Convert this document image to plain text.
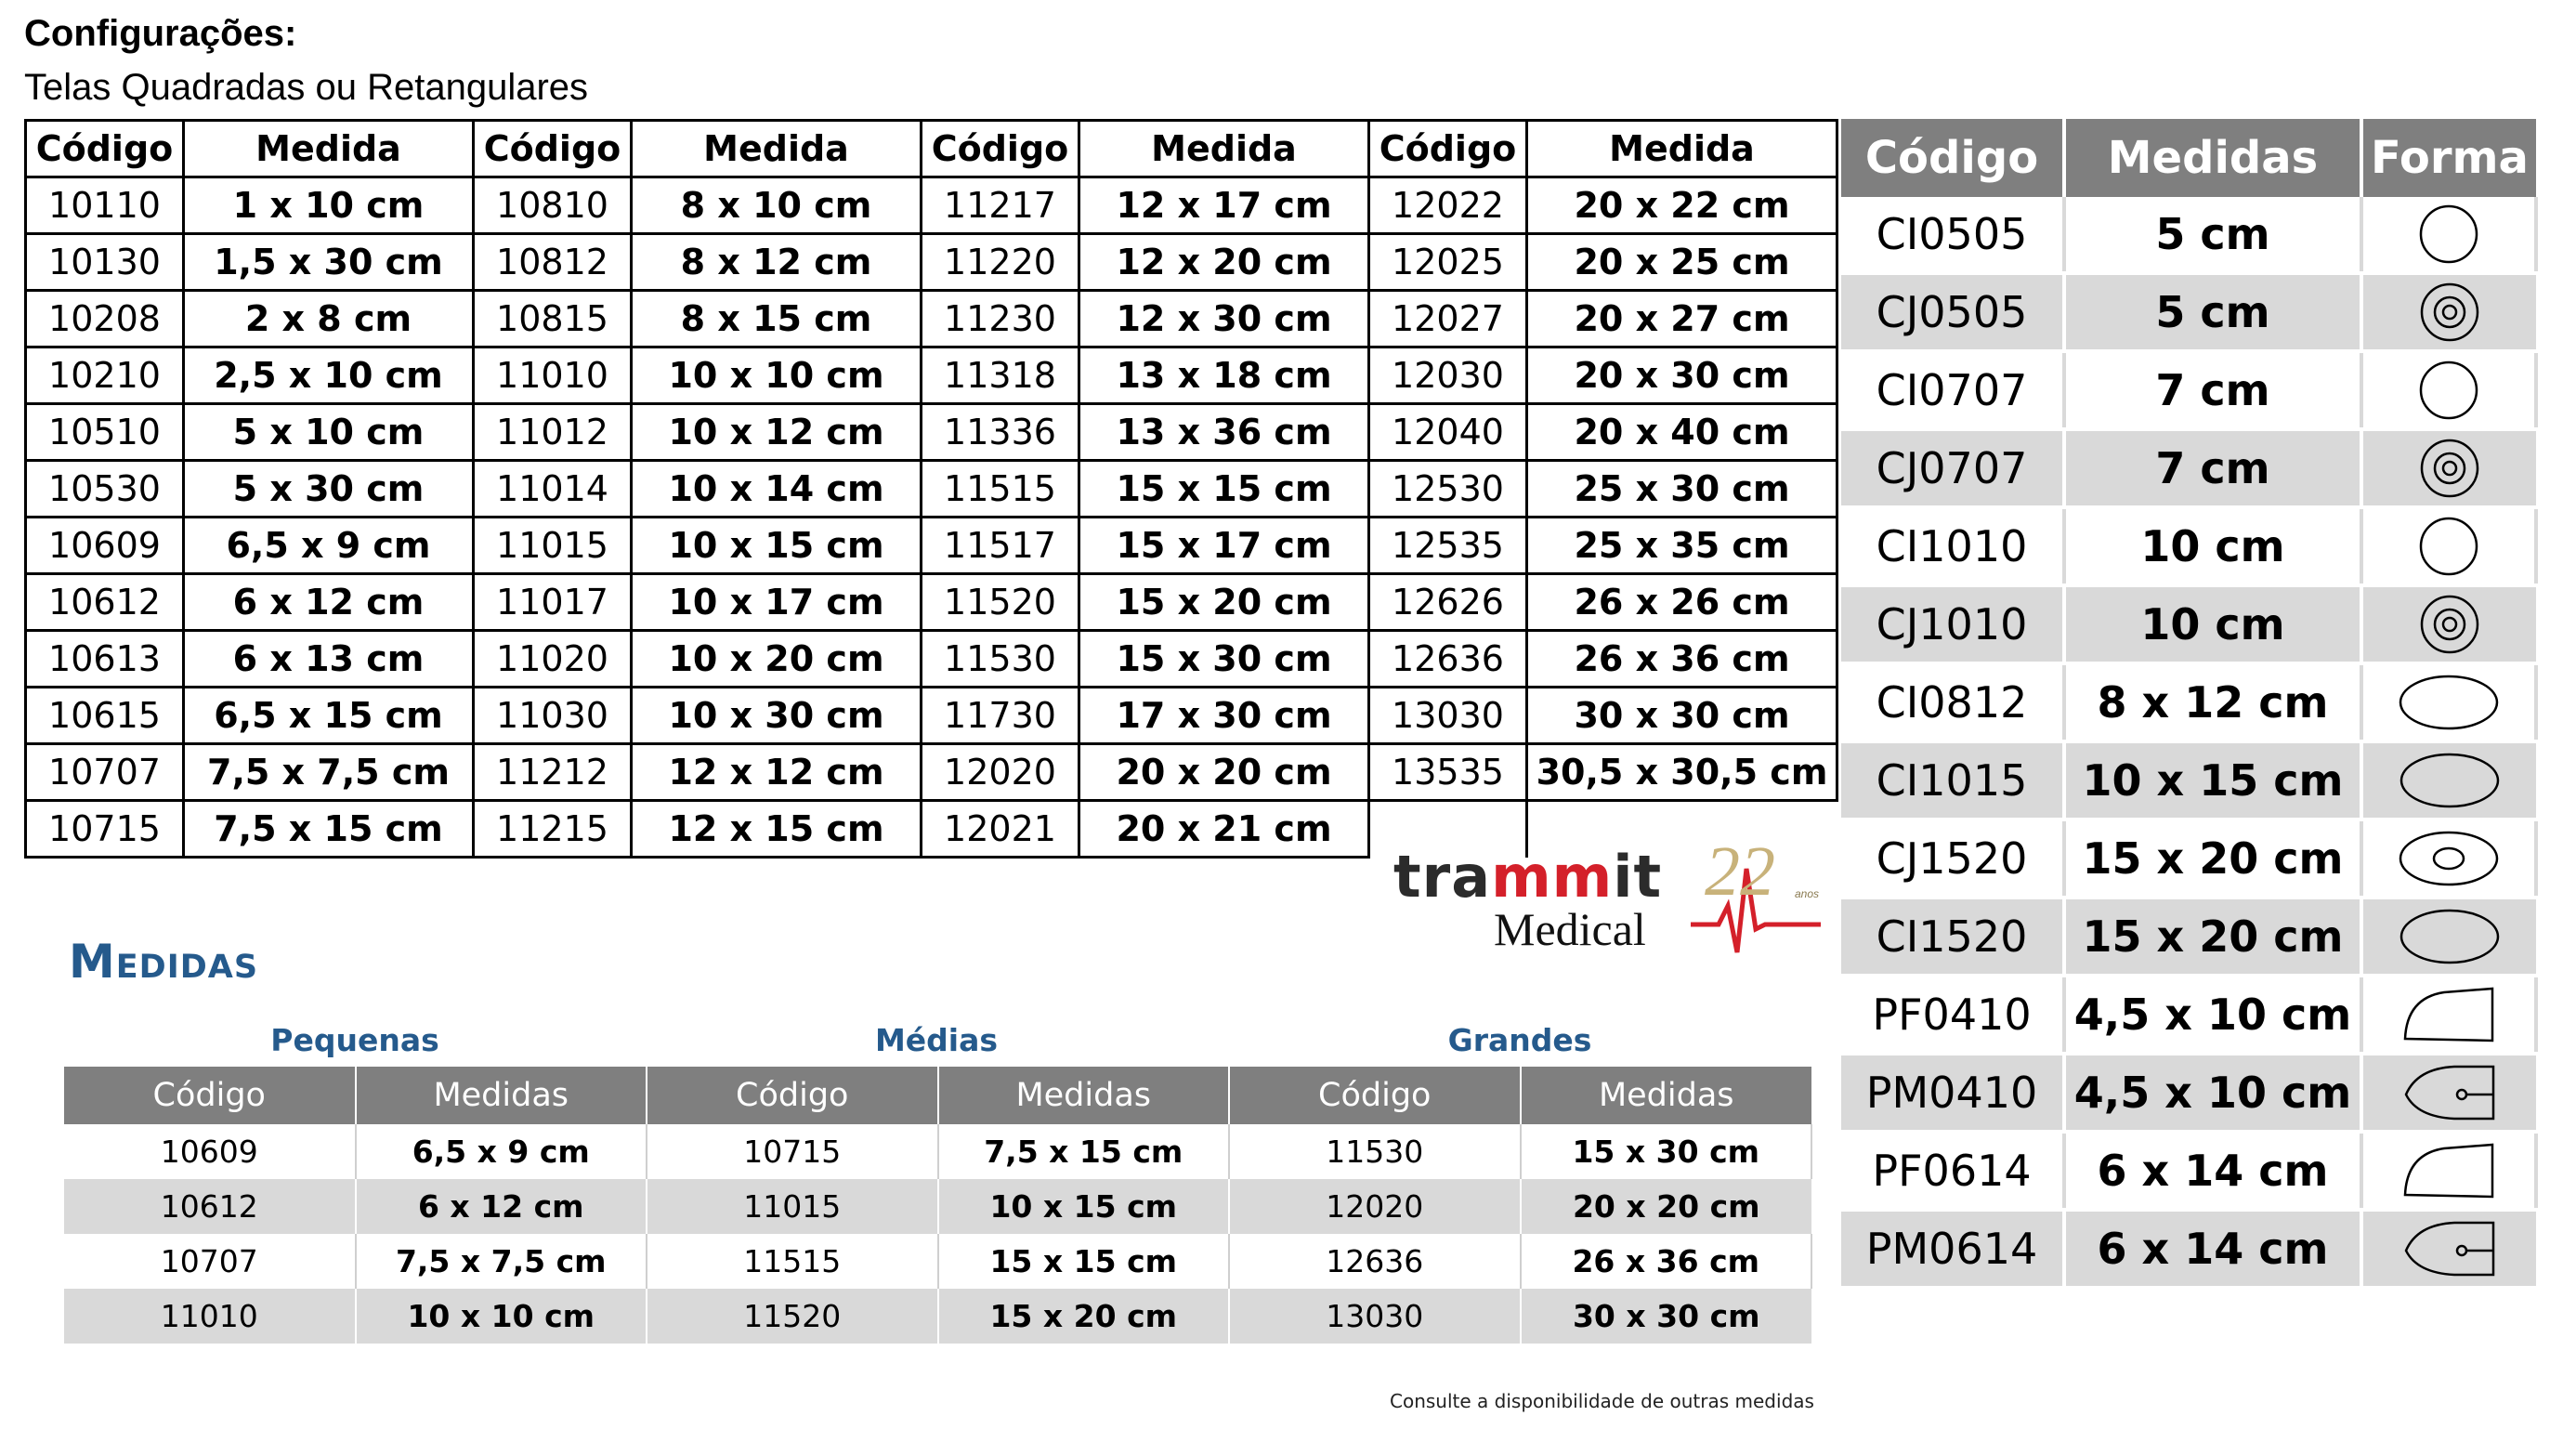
Configurações:
Telas Quadradas ou Retangulares
Código	Medida	Código	Medida	Código	Medida	Código	Medida
10110	1 x 10 cm	10810	8 x 10 cm	11217	12 x 17 cm	12022	20 x 22 cm
10130	1,5 x 30 cm	10812	8 x 12 cm	11220	12 x 20 cm	12025	20 x 25 cm
10208	2 x 8 cm	10815	8 x 15 cm	11230	12 x 30 cm	12027	20 x 27 cm
10210	2,5 x 10 cm	11010	10 x 10 cm	11318	13 x 18 cm	12030	20 x 30 cm
10510	5 x 10 cm	11012	10 x 12 cm	11336	13 x 36 cm	12040	20 x 40 cm
10530	5 x 30 cm	11014	10 x 14 cm	11515	15 x 15 cm	12530	25 x 30 cm
10609	6,5 x 9 cm	11015	10 x 15 cm	11517	15 x 17 cm	12535	25 x 35 cm
10612	6 x 12 cm	11017	10 x 17 cm	11520	15 x 20 cm	12626	26 x 26 cm
10613	6 x 13 cm	11020	10 x 20 cm	11530	15 x 30 cm	12636	26 x 36 cm
10615	6,5 x 15 cm	11030	10 x 30 cm	11730	17 x 30 cm	13030	30 x 30 cm
10707	7,5 x 7,5 cm	11212	12 x 12 cm	12020	20 x 20 cm	13535	30,5 x 30,5 cm
10715	7,5 x 15 cm	11215	12 x 15 cm	12021	20 x 21 cm		
trammit 22 anos
Medical
Medidas
Pequenas	Médias	Grandes
Código	Medidas	Código	Medidas	Código	Medidas
10609	6,5 x 9 cm	10715	7,5 x 15 cm	11530	15 x 30 cm
10612	6 x 12 cm	11015	10 x 15 cm	12020	20 x 20 cm
10707	7,5 x 7,5 cm	11515	15 x 15 cm	12636	26 x 36 cm
11010	10 x 10 cm	11520	15 x 20 cm	13030	30 x 30 cm
Consulte a disponibilidade de outras medidas
Código	Medidas	Forma
CI0505	5 cm	

CJ0505	5 cm	

CI0707	7 cm	

CJ0707	7 cm	

CI1010	10 cm	

CJ1010	10 cm	

CI0812	8 x 12 cm	

CI1015	10 x 15 cm	

CJ1520	15 x 20 cm	

CI1520	15 x 20 cm	

PF0410	4,5 x 10 cm	

PM0410	4,5 x 10 cm	

PF0614	6 x 14 cm	

PM0614	6 x 14 cm	
